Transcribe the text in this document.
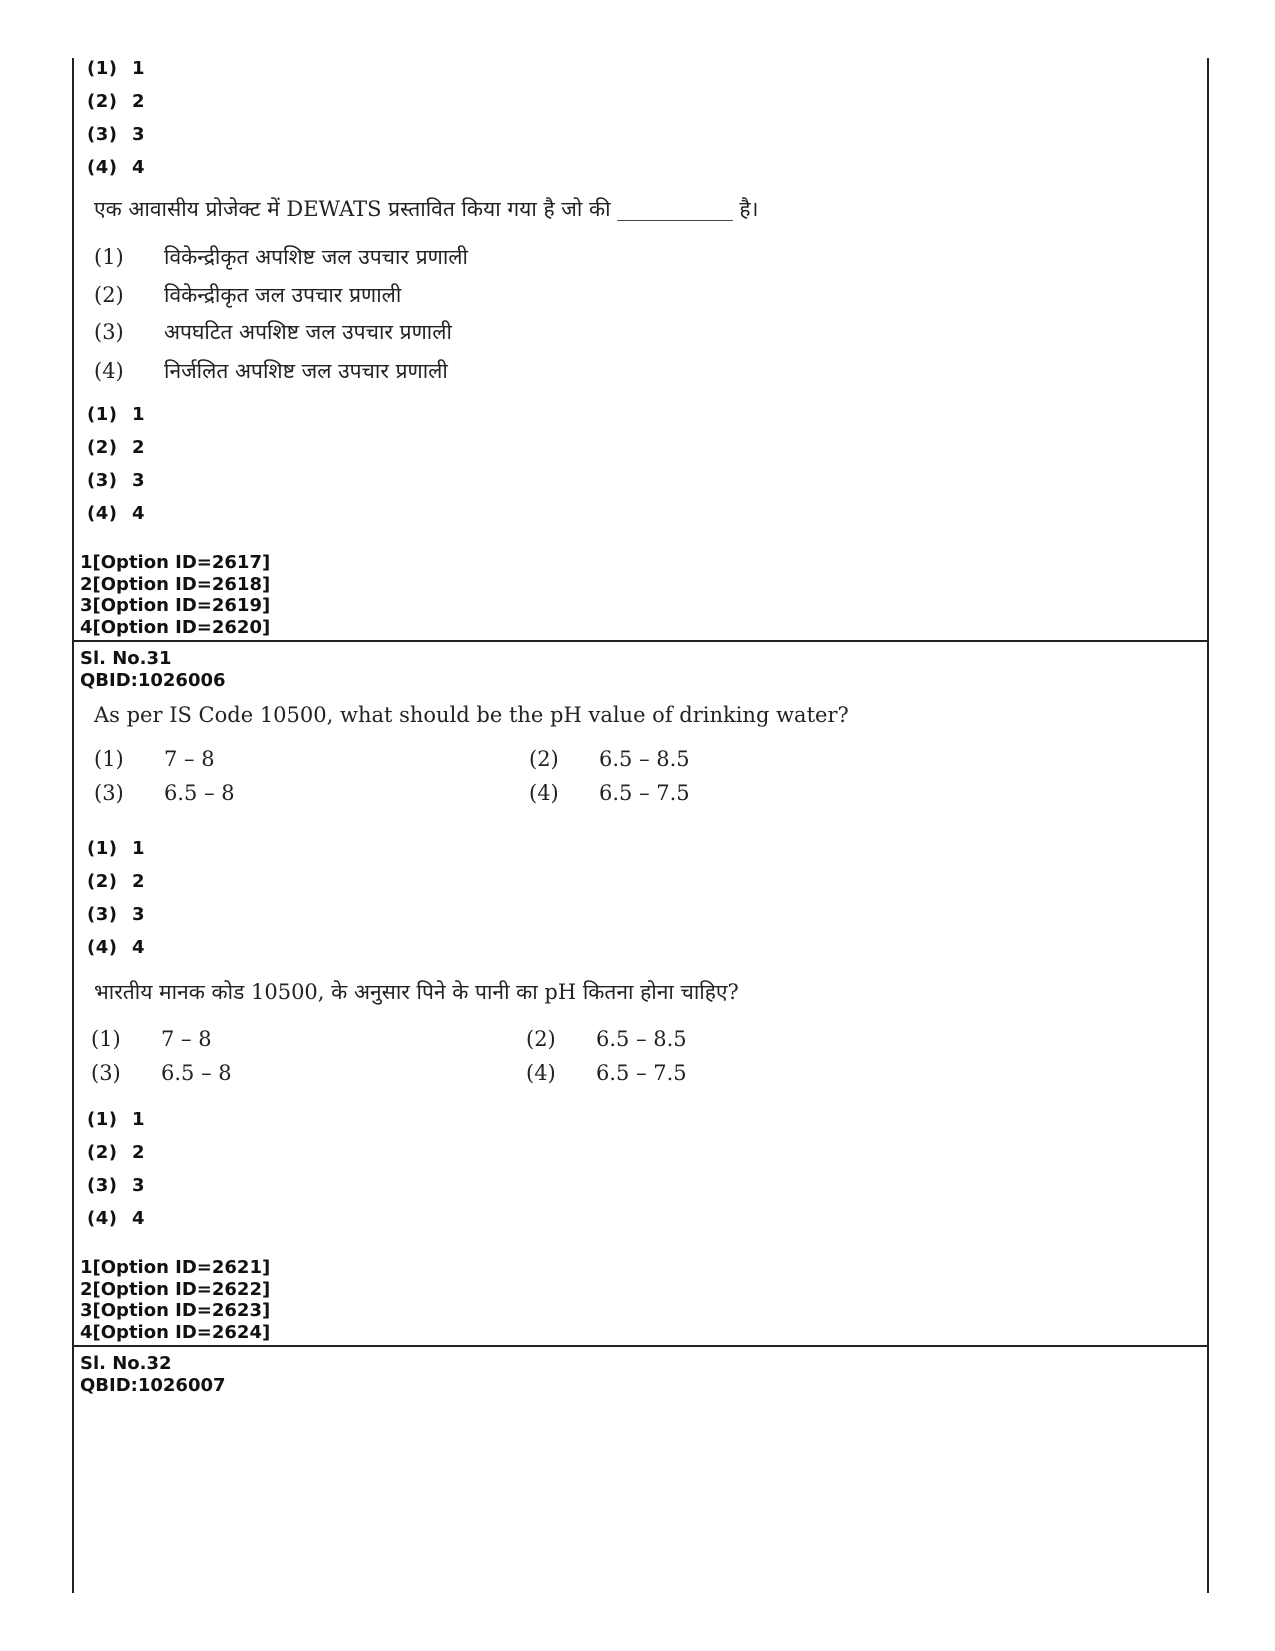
(1) 1
(2) 2
(3) 3
(4) 4
एक आवासीय प्रोजेक्ट में DEWATS प्रस्तावित किया गया है जो की ___________ है।
(1) विकेन्द्रीकृत अपशिष्ट जल उपचार प्रणाली
(2) विकेन्द्रीकृत जल उपचार प्रणाली
(3) अपघटित अपशिष्ट जल उपचार प्रणाली
(4) निर्जलित अपशिष्ट जल उपचार प्रणाली
(1) 1
(2) 2
(3) 3
(4) 4
1[Option ID=2617]
2[Option ID=2618]
3[Option ID=2619]
4[Option ID=2620]
Sl. No.31
QBID:1026006
As per IS Code 10500, what should be the pH value of drinking water?
(1) 7 – 8	(2) 6.5 – 8.5
(3) 6.5 – 8	(4) 6.5 – 7.5
(1) 1
(2) 2
(3) 3
(4) 4
भारतीय मानक कोड 10500, के अनुसार पिने के पानी का pH कितना होना चाहिए?
(1) 7 – 8	(2) 6.5 – 8.5
(3) 6.5 – 8	(4) 6.5 – 7.5
(1) 1
(2) 2
(3) 3
(4) 4
1[Option ID=2621]
2[Option ID=2622]
3[Option ID=2623]
4[Option ID=2624]
Sl. No.32
QBID:1026007
